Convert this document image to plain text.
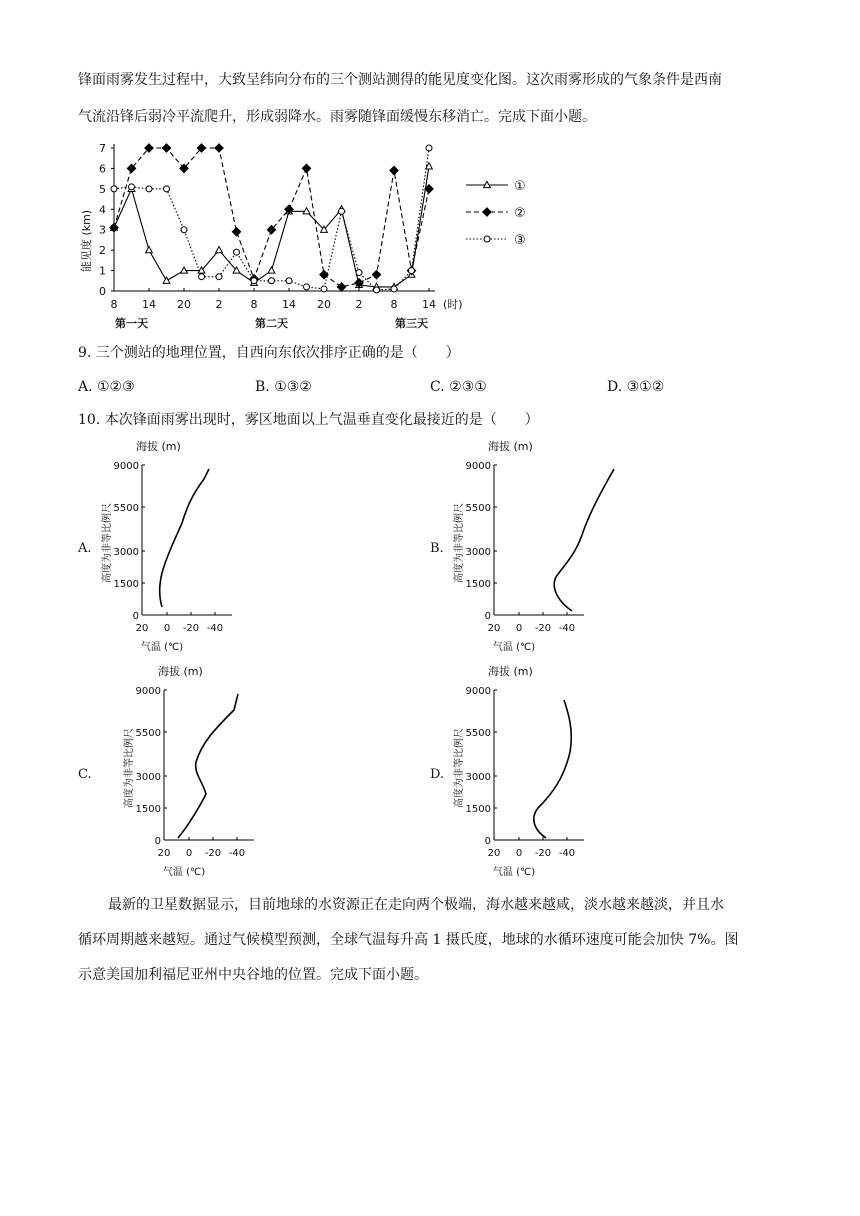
锋面雨雾发生过程中，大致呈纬向分布的三个测站测得的能见度变化图。这次雨雾形成的气象条件是西南
气流沿锋后弱冷平流爬升，形成弱降水。雨雾随锋面缓慢东移消亡。完成下面小题。
0
1
2
3
4
5
6
7
8 14 20 2	8 14 20 2	8 14 (时)
第一天	第二天	第三天
能见度 (km)
①
②
③
9. 三个测站的地理位置，自西向东依次排序正确的是（　　）
A. ①②③	B. ①③②	C. ②③①	D. ③①②
10. 本次锋面雨雾出现时，雾区地面以上气温垂直变化最接近的是（　　）
A.	B.
C.	D.
海拔 (m)
0
1500
3000
5500
9000
20 0 -20 -40
气温 (℃)
高度为非等比例尺
海拔 (m)
0
1500
3000
5500
9000
20 0 -20 -40
气温 (℃)
高度为非等比例尺
海拔 (m)
0
1500
3000
5500
9000
20 0 -20 -40
气温 (℃)
高度为非等比例尺
海拔 (m)
0
1500
3000
5500
9000
20 0 -20 -40
气温 (℃)
高度为非等比例尺
最新的卫星数据显示，目前地球的水资源正在走向两个极端，海水越来越咸，淡水越来越淡，并且水
循环周期越来越短。通过气候模型预测，全球气温每升高 1 摄氏度，地球的水循环速度可能会加快 7%。图
示意美国加利福尼亚州中央谷地的位置。完成下面小题。
